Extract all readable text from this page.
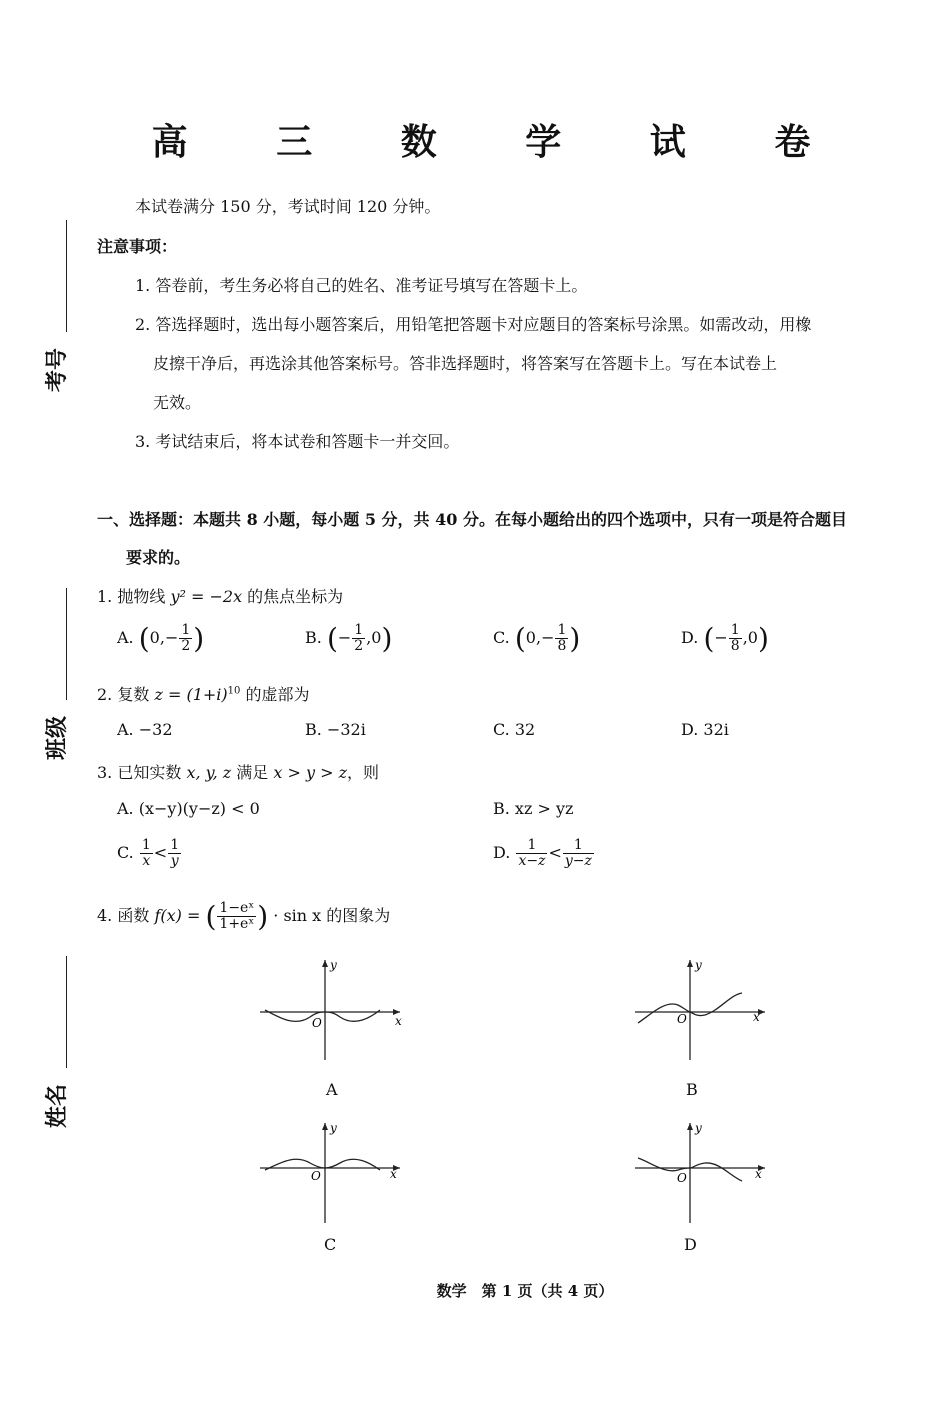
高 三 数 学 试 卷
本试卷满分 150 分，考试时间 120 分钟。
注意事项：
1. 答卷前，考生务必将自己的姓名、准考证号填写在答题卡上。
2. 答选择题时，选出每小题答案后，用铅笔把答题卡对应题目的答案标号涂黑。如需改动，用橡
皮擦干净后，再选涂其他答案标号。答非选择题时，将答案写在答题卡上。写在本试卷上
无效。
3. 考试结束后，将本试卷和答题卡一并交回。
考号
班级
姓名
一、选择题：本题共 8 小题，每小题 5 分，共 40 分。在每小题给出的四个选项中，只有一项是符合题目
要求的。
1. 抛物线 y² = −2x 的焦点坐标为
A. ($0,- \frac{1}{2}$ )	B. (− $\frac{1}{2} ,0$)	C. ($0,- \frac{1}{8}$ )	D. (− $\frac{1}{8} ,0$)
2. 复数 $z = (1+i)^{10}$ 的虚部为
A. −32	B. −32i	C. 32	D. 32i
3. 已知实数 x, y, z 满足 x > y > z，则
A. (x−y)(y−z) < 0	B. xz > yz
C. $\frac{1}{x} < \frac{1}{y}$	D. $\frac{1}{x-z} < \frac{1}{y-z}$
4. 函数 f(x) = ( $\frac{\text{1−eˣ}}{\text{1+eˣ}}$ ) · sin x 的图象为
y
x
O
A
y
x
O
B
y
x
O
C
y
x
O
D
数学　第 1 页（共 4 页）
